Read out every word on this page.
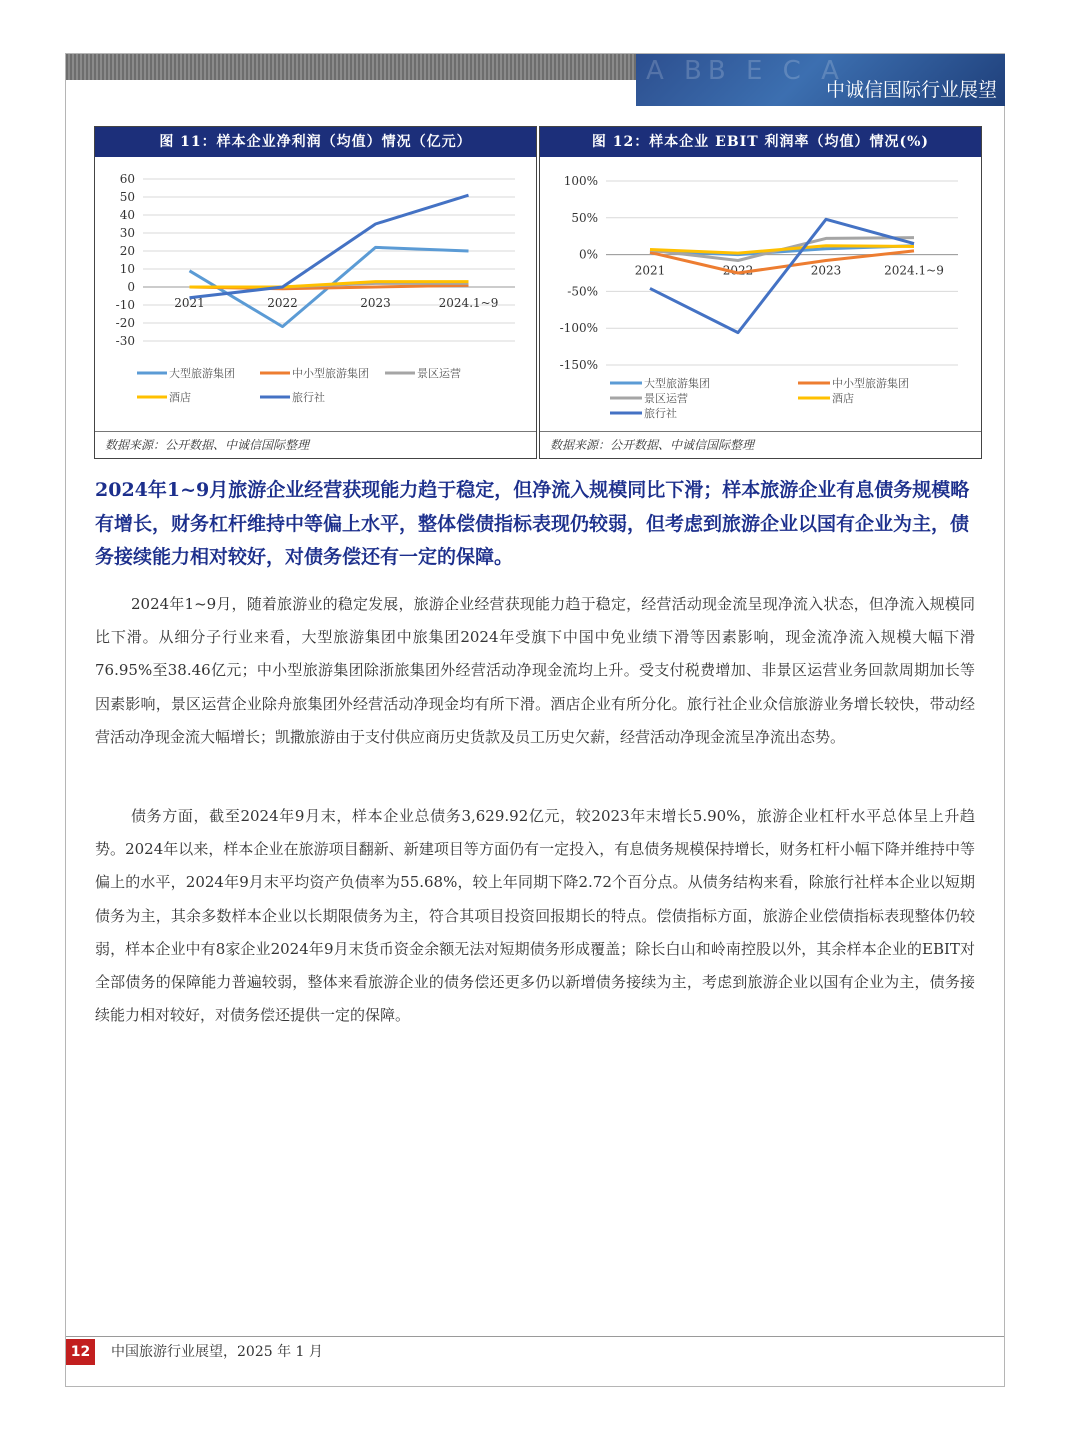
A BB E C A
中诚信国际行业展望
图 11：样本企业净利润（均值）情况（亿元）
60
50
40
30
20
10
0
-10
-20
-30
2021	2022	2023	2024.1~9
大型旅游集团	中小型旅游集团	景区运营
酒店	旅行社
数据来源：公开数据、中诚信国际整理
图 12：样本企业 EBIT 利润率（均值）情况(%)
100%
50%
0%
-50%
-100%
-150%
2021	2022	2023	2024.1~9
大型旅游集团	中小型旅游集团
景区运营	酒店
旅行社
数据来源：公开数据、中诚信国际整理
2024年1~9月旅游企业经营获现能力趋于稳定，但净流入规模同比下滑；样本旅游企业有息债务规模略有增长，财务杠杆维持中等偏上水平，整体偿债指标表现仍较弱，但考虑到旅游企业以国有企业为主，债务接续能力相对较好，对债务偿还有一定的保障。
2024年1~9月，随着旅游业的稳定发展，旅游企业经营获现能力趋于稳定，经营活动现金流呈现净流入状态，但净流入规模同比下滑。从细分子行业来看，大型旅游集团中旅集团2024年受旗下中国中免业绩下滑等因素影响，现金流净流入规模大幅下滑76.95%至38.46亿元；中小型旅游集团除浙旅集团外经营活动净现金流均上升。受支付税费增加、非景区运营业务回款周期加长等因素影响，景区运营企业除舟旅集团外经营活动净现金均有所下滑。酒店企业有所分化。旅行社企业众信旅游业务增长较快，带动经营活动净现金流大幅增长；凯撒旅游由于支付供应商历史货款及员工历史欠薪，经营活动净现金流呈净流出态势。
债务方面，截至2024年9月末，样本企业总债务3,629.92亿元，较2023年末增长5.90%，旅游企业杠杆水平总体呈上升趋势。2024年以来，样本企业在旅游项目翻新、新建项目等方面仍有一定投入，有息债务规模保持增长，财务杠杆小幅下降并维持中等偏上的水平，2024年9月末平均资产负债率为55.68%，较上年同期下降2.72个百分点。从债务结构来看，除旅行社样本企业以短期债务为主，其余多数样本企业以长期限债务为主，符合其项目投资回报期长的特点。偿债指标方面，旅游企业偿债指标表现整体仍较弱，样本企业中有8家企业2024年9月末货币资金余额无法对短期债务形成覆盖；除长白山和岭南控股以外，其余样本企业的EBIT对全部债务的保障能力普遍较弱，整体来看旅游企业的债务偿还更多仍以新增债务接续为主，考虑到旅游企业以国有企业为主，债务接续能力相对较好，对债务偿还提供一定的保障。
12	中国旅游行业展望，2025 年 1 月
